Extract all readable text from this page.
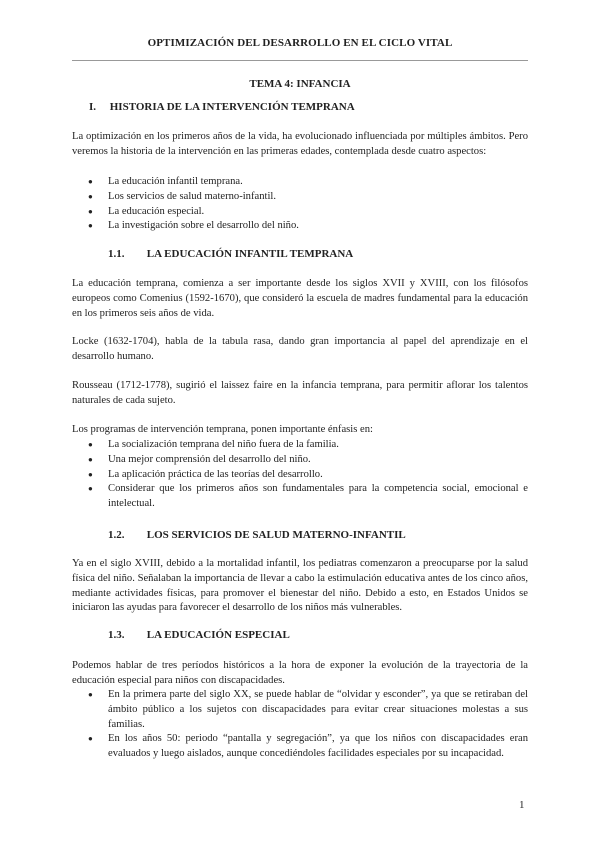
OPTIMIZACIÓN DEL DESARROLLO EN EL CICLO VITAL
TEMA 4: INFANCIA
I. HISTORIA DE LA INTERVENCIÓN TEMPRANA
La optimización en los primeros años de la vida, ha evolucionado influenciada por múltiples ámbitos. Pero veremos la historia de la intervención en las primeras edades, contemplada desde cuatro aspectos:
● La educación infantil temprana.
● Los servicios de salud materno-infantil.
● La educación especial.
● La investigación sobre el desarrollo del niño.
1.1. LA EDUCACIÓN INFANTIL TEMPRANA
La educación temprana, comienza a ser importante desde los siglos XVII y XVIII, con los filósofos europeos como Comenius (1592-1670), que consideró la escuela de madres fundamental para la educación en los primeros seis años de vida.
Locke (1632-1704), habla de la tabula rasa, dando gran importancia al papel del aprendizaje en el desarrollo humano.
Rousseau (1712-1778), sugirió el laissez faire en la infancia temprana, para permitir aflorar los talentos naturales de cada sujeto.
Los programas de intervención temprana, ponen importante énfasis en:
● La socialización temprana del niño fuera de la familia.
● Una mejor comprensión del desarrollo del niño.
● La aplicación práctica de las teorías del desarrollo.
● Considerar que los primeros años son fundamentales para la competencia social, emocional e intelectual.
1.2. LOS SERVICIOS DE SALUD MATERNO-INFANTIL
Ya en el siglo XVIII, debido a la mortalidad infantil, los pediatras comenzaron a preocuparse por la salud física del niño. Señalaban la importancia de llevar a cabo la estimulación educativa antes de los cinco años, mediante actividades físicas, para promover el bienestar del niño. Debido a esto, en Estados Unidos se iniciaron las ayudas para favorecer el desarrollo de los niños más vulnerables.
1.3. LA EDUCACIÓN ESPECIAL
Podemos hablar de tres períodos históricos a la hora de exponer la evolución de la trayectoria de la educación especial para niños con discapacidades.
● En la primera parte del siglo XX, se puede hablar de “olvidar y esconder”, ya que se retiraban del ámbito público a los sujetos con discapacidades para evitar crear situaciones molestas a sus familias.
● En los años 50: periodo “pantalla y segregación”, ya que los niños con discapacidades eran evaluados y luego aislados, aunque concediéndoles facilidades especiales por su incapacidad.
1
